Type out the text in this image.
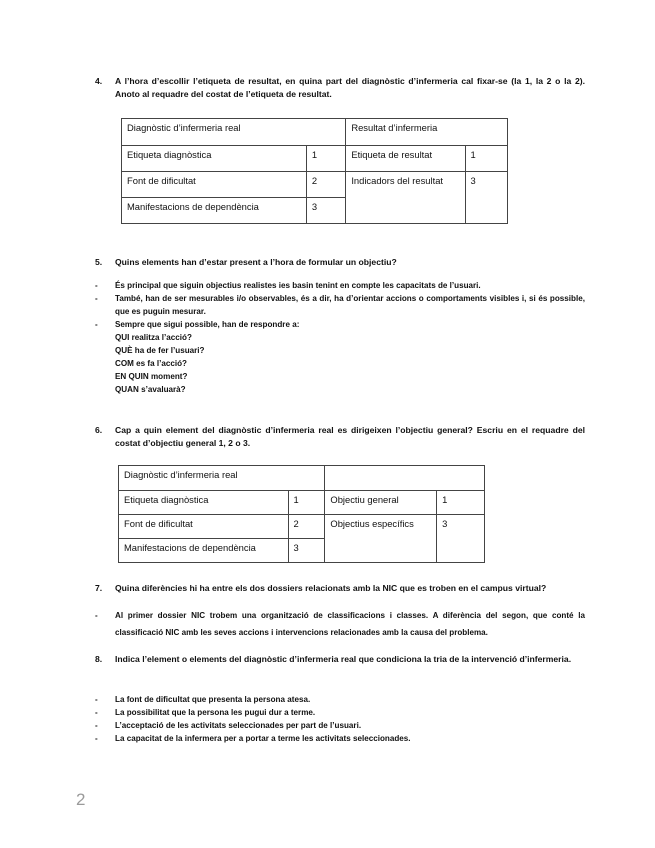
4.	A l’hora d’escollir l’etiqueta de resultat, en quina part del diagnòstic d’infermeria cal fixar-se (la 1, la 2 o la 2). Anoto al requadre del costat de l’etiqueta de resultat.
Diagnòstic d’infermeria real		Resultat d’infermeria	
Etiqueta diagnòstica	1	Etiqueta de resultat	1
Font de dificultat	2	Indicadors del resultat	3
Manifestacions de dependència	3		
5.	Quins elements han d’estar present a l’hora de formular un objectiu?
- És principal que siguin objectius realistes ies basin tenint en compte les capacitats de l’usuari.
- També, han de ser mesurables i/o observables, és a dir, ha d’orientar accions o comportaments visibles i, si és possible, que es puguin mesurar.
- Sempre que sigui possible, han de respondre a:
QUI realitza l’acció?
QUÈ ha de fer l’usuari?
COM es fa l’acció?
EN QUIN moment?
QUAN s’avaluarà?
6.	Cap a quin element del diagnòstic d’infermeria real es dirigeixen l’objectiu general? Escriu en el requadre del costat d’objectiu general 1, 2 o 3.
Diagnòstic d’infermeria real			
Etiqueta diagnòstica	1	Objectiu general	1
Font de dificultat	2	Objectius específics	3
Manifestacions de dependència	3		
7.	Quina diferències hi ha entre els dos dossiers relacionats amb la NIC que es troben en el campus virtual?
- Al primer dossier NIC trobem una organització de classificacions i classes. A diferència del segon, que conté la classificació NIC amb les seves accions i intervencions relacionades amb la causa del problema.
8.	Indica l’element o elements del diagnòstic d’infermeria real que condiciona la tria de la intervenció d’infermeria.
- La font de dificultat que presenta la persona atesa.
- La possibilitat que la persona les pugui dur a terme.
- L’acceptació de les activitats seleccionades per part de l’usuari.
- La capacitat de la infermera per a portar a terme les activitats seleccionades.
2
